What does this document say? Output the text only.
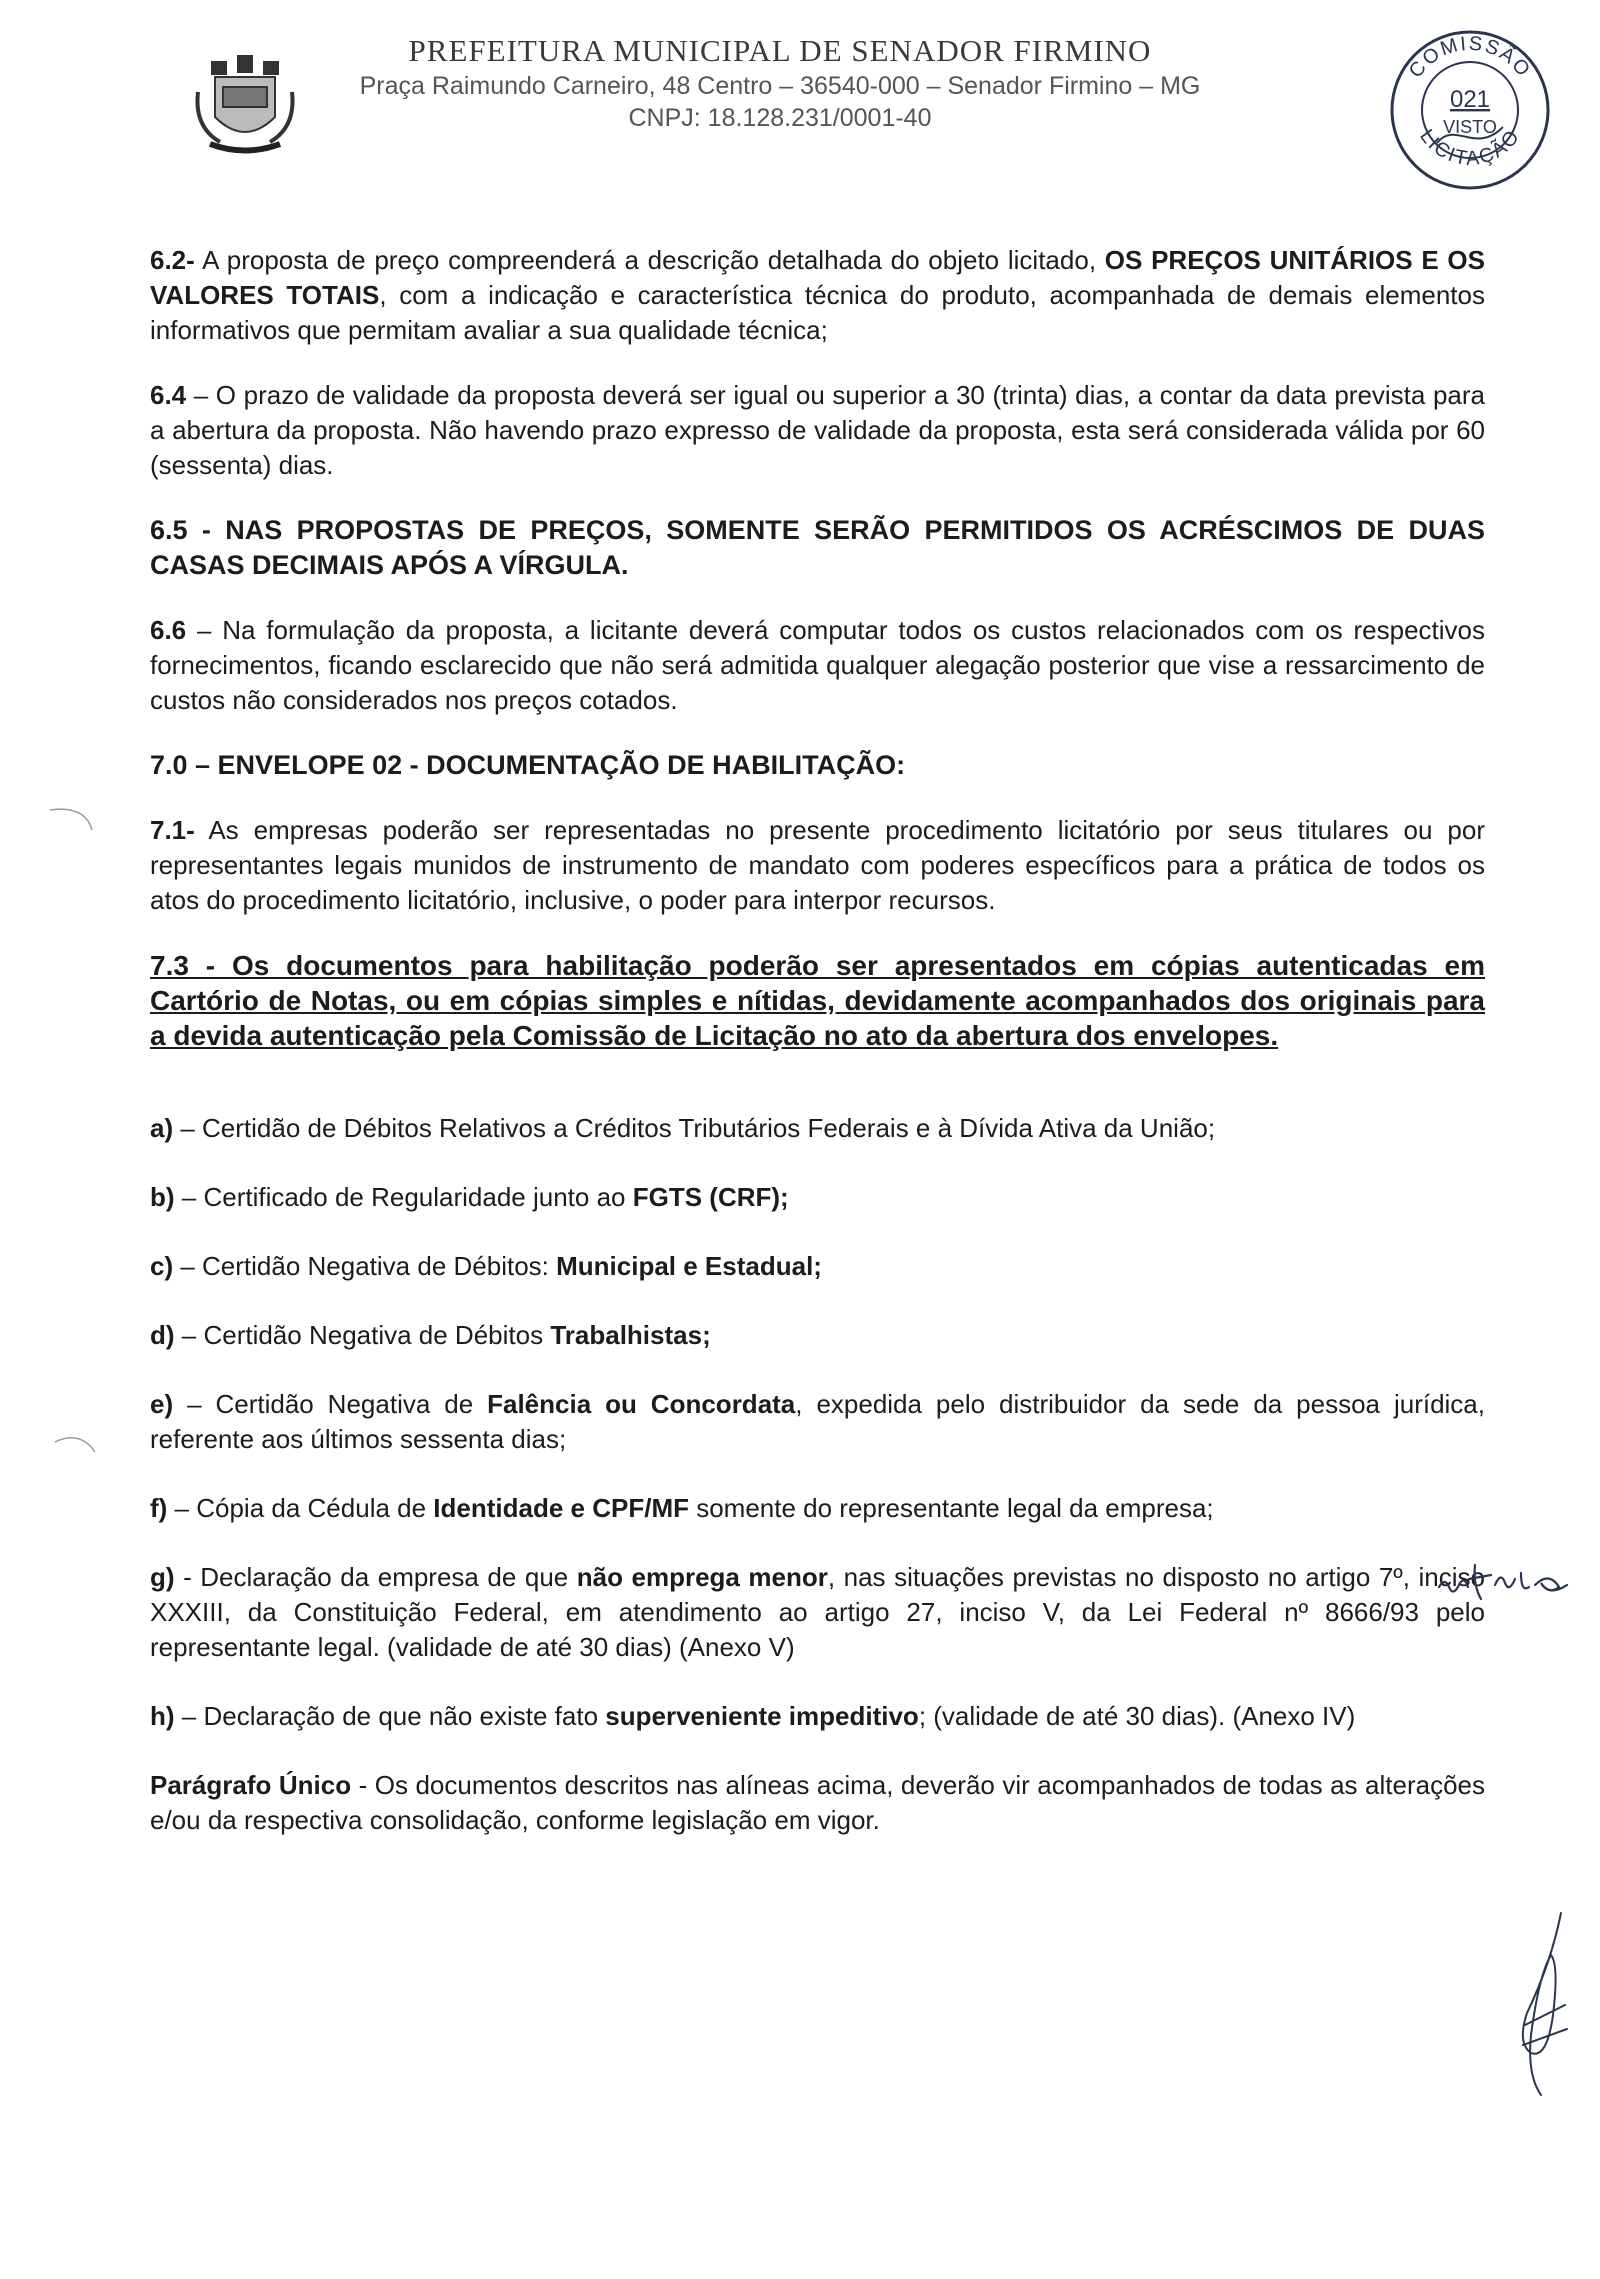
PREFEITURA MUNICIPAL DE SENADOR FIRMINO
Praça Raimundo Carneiro, 48 Centro – 36540-000 – Senador Firmino – MG
CNPJ: 18.128.231/0001-40
COMISSÃO
LICITAÇÃO
021
VISTO

6.2- A proposta de preço compreenderá a descrição detalhada do objeto licitado, OS PREÇOS UNITÁRIOS E OS VALORES TOTAIS, com a indicação e característica técnica do produto, acompanhada de demais elementos informativos que permitam avaliar a sua qualidade técnica;

6.4 – O prazo de validade da proposta deverá ser igual ou superior a 30 (trinta) dias, a contar da data prevista para a abertura da proposta. Não havendo prazo expresso de validade da proposta, esta será considerada válida por 60 (sessenta) dias.

6.5 - NAS PROPOSTAS DE PREÇOS, SOMENTE SERÃO PERMITIDOS OS ACRÉSCIMOS DE DUAS CASAS DECIMAIS APÓS A VÍRGULA.

6.6 – Na formulação da proposta, a licitante deverá computar todos os custos relacionados com os respectivos fornecimentos, ficando esclarecido que não será admitida qualquer alegação posterior que vise a ressarcimento de custos não considerados nos preços cotados.

7.0 – ENVELOPE 02 - DOCUMENTAÇÃO DE HABILITAÇÃO:

7.1- As empresas poderão ser representadas no presente procedimento licitatório por seus titulares ou por representantes legais munidos de instrumento de mandato com poderes específicos para a prática de todos os atos do procedimento licitatório, inclusive, o poder para interpor recursos.

7.3 - Os documentos para habilitação poderão ser apresentados em cópias autenticadas em Cartório de Notas, ou em cópias simples e nítidas, devidamente acompanhados dos originais para a devida autenticação pela Comissão de Licitação no ato da abertura dos envelopes.

a) – Certidão de Débitos Relativos a Créditos Tributários Federais e à Dívida Ativa da União;

b) – Certificado de Regularidade junto ao FGTS (CRF);

c) – Certidão Negativa de Débitos: Municipal e Estadual;

d) – Certidão Negativa de Débitos Trabalhistas;

e) – Certidão Negativa de Falência ou Concordata, expedida pelo distribuidor da sede da pessoa jurídica, referente aos últimos sessenta dias;

f) – Cópia da Cédula de Identidade e CPF/MF somente do representante legal da empresa;

g) - Declaração da empresa de que não emprega menor, nas situações previstas no disposto no artigo 7º, inciso XXXIII, da Constituição Federal, em atendimento ao artigo 27, inciso V, da Lei Federal nº 8666/93 pelo representante legal. (validade de até 30 dias) (Anexo V)

h) – Declaração de que não existe fato superveniente impeditivo; (validade de até 30 dias). (Anexo IV)

Parágrafo Único - Os documentos descritos nas alíneas acima, deverão vir acompanhados de todas as alterações e/ou da respectiva consolidação, conforme legislação em vigor.
